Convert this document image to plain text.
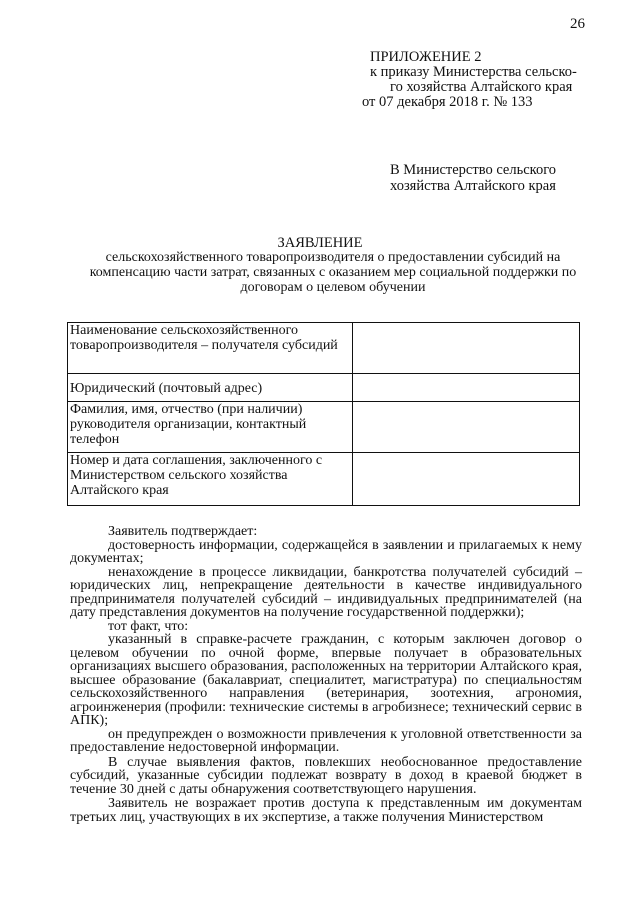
26
ПРИЛОЖЕНИЕ 2
к приказу Министерства сельско-
го хозяйства Алтайского края
от 07 декабря 2018 г. № 133
В Министерство сельского
хозяйства Алтайского края
ЗАЯВЛЕНИЕ
сельскохозяйственного товаропроизводителя о предоставлении субсидий на компенсацию части затрат, связанных с оказанием мер социальной поддержки по договорам о целевом обучении
Наименование сельскохозяйственного товаропроизводителя – получателя субсидий	
Юридический (почтовый адрес)	
Фамилия, имя, отчество (при наличии) руководителя организации, контактный телефон	
Номер и дата соглашения, заключенного с Министерством сельского хозяйства Алтайского края	

Заявитель подтверждает:

достоверность информации, содержащейся в заявлении и прилагаемых к нему документах;

ненахождение в процессе ликвидации, банкротства получателей субсидий – юридических лиц, непрекращение деятельности в качестве индивидуального предпринимателя получателей субсидий – индивидуальных предпринимателей (на дату представления документов на получение государственной поддержки);

тот факт, что:

указанный в справке-расчете гражданин, с которым заключен договор о целевом обучении по очной форме, впервые получает в образовательных организациях высшего образования, расположенных на территории Алтайского края, высшее образование (бакалавриат, специалитет, магистратура) по специальностям сельскохозяйственного направления (ветеринария, зоотехния, агрономия, агроинженерия (профили: технические системы в агробизнесе; технический сервис в АПК);

он предупрежден о возможности привлечения к уголовной ответственности за предоставление недостоверной информации.

В случае выявления фактов, повлекших необоснованное предоставление субсидий, указанные субсидии подлежат возврату в доход в краевой бюджет в течение 30 дней с даты обнаружения соответствующего нарушения.

Заявитель не возражает против доступа к представленным им документам третьих лиц, участвующих в их экспертизе, а также получения Министерством
